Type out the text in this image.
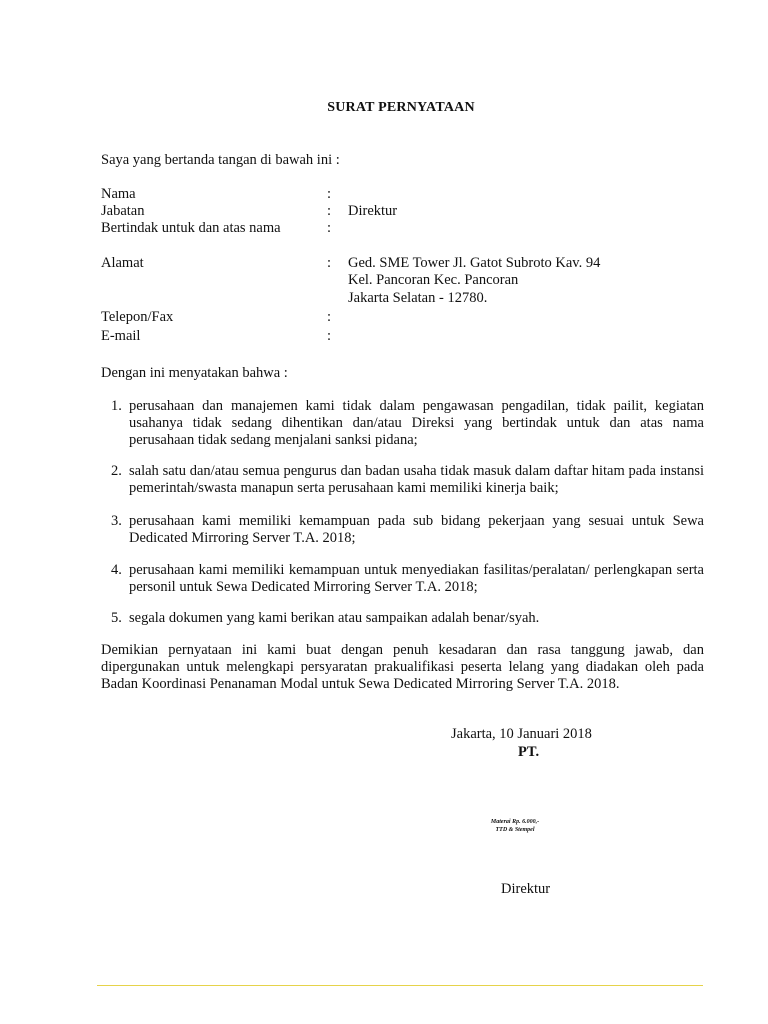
SURAT PERNYATAAN
Saya yang bertanda tangan di bawah ini :
Nama	:
Jabatan	: Direktur
Bertindak untuk dan atas nama	:
Alamat	: Ged. SME Tower Jl. Gatot Subroto Kav. 94
Kel. Pancoran Kec. Pancoran
Jakarta Selatan - 12780.
Telepon/Fax	:
E-mail	:
Dengan ini menyatakan bahwa :
1. perusahaan dan manajemen kami tidak dalam pengawasan pengadilan, tidak pailit, kegiatan usahanya tidak sedang dihentikan dan/atau Direksi yang bertindak untuk dan atas nama perusahaan tidak sedang menjalani sanksi pidana;
2. salah satu dan/atau semua pengurus dan badan usaha tidak masuk dalam daftar hitam pada instansi pemerintah/swasta manapun serta perusahaan kami memiliki kinerja baik;
3. perusahaan kami memiliki kemampuan pada sub bidang pekerjaan yang sesuai untuk Sewa Dedicated Mirroring Server T.A. 2018;
4. perusahaan kami memiliki kemampuan untuk menyediakan fasilitas/peralatan/ perlengkapan serta personil untuk Sewa Dedicated Mirroring Server T.A. 2018;
5. segala dokumen yang kami berikan atau sampaikan adalah benar/syah.
Demikian pernyataan ini kami buat dengan penuh kesadaran dan rasa tanggung jawab, dan dipergunakan untuk melengkapi persyaratan prakualifikasi peserta lelang yang diadakan oleh pada Badan Koordinasi Penanaman Modal untuk Sewa Dedicated Mirroring Server T.A. 2018.
Jakarta, 10 Januari 2018
PT.
Materai Rp. 6.000,-
TTD & Stempel
Direktur
